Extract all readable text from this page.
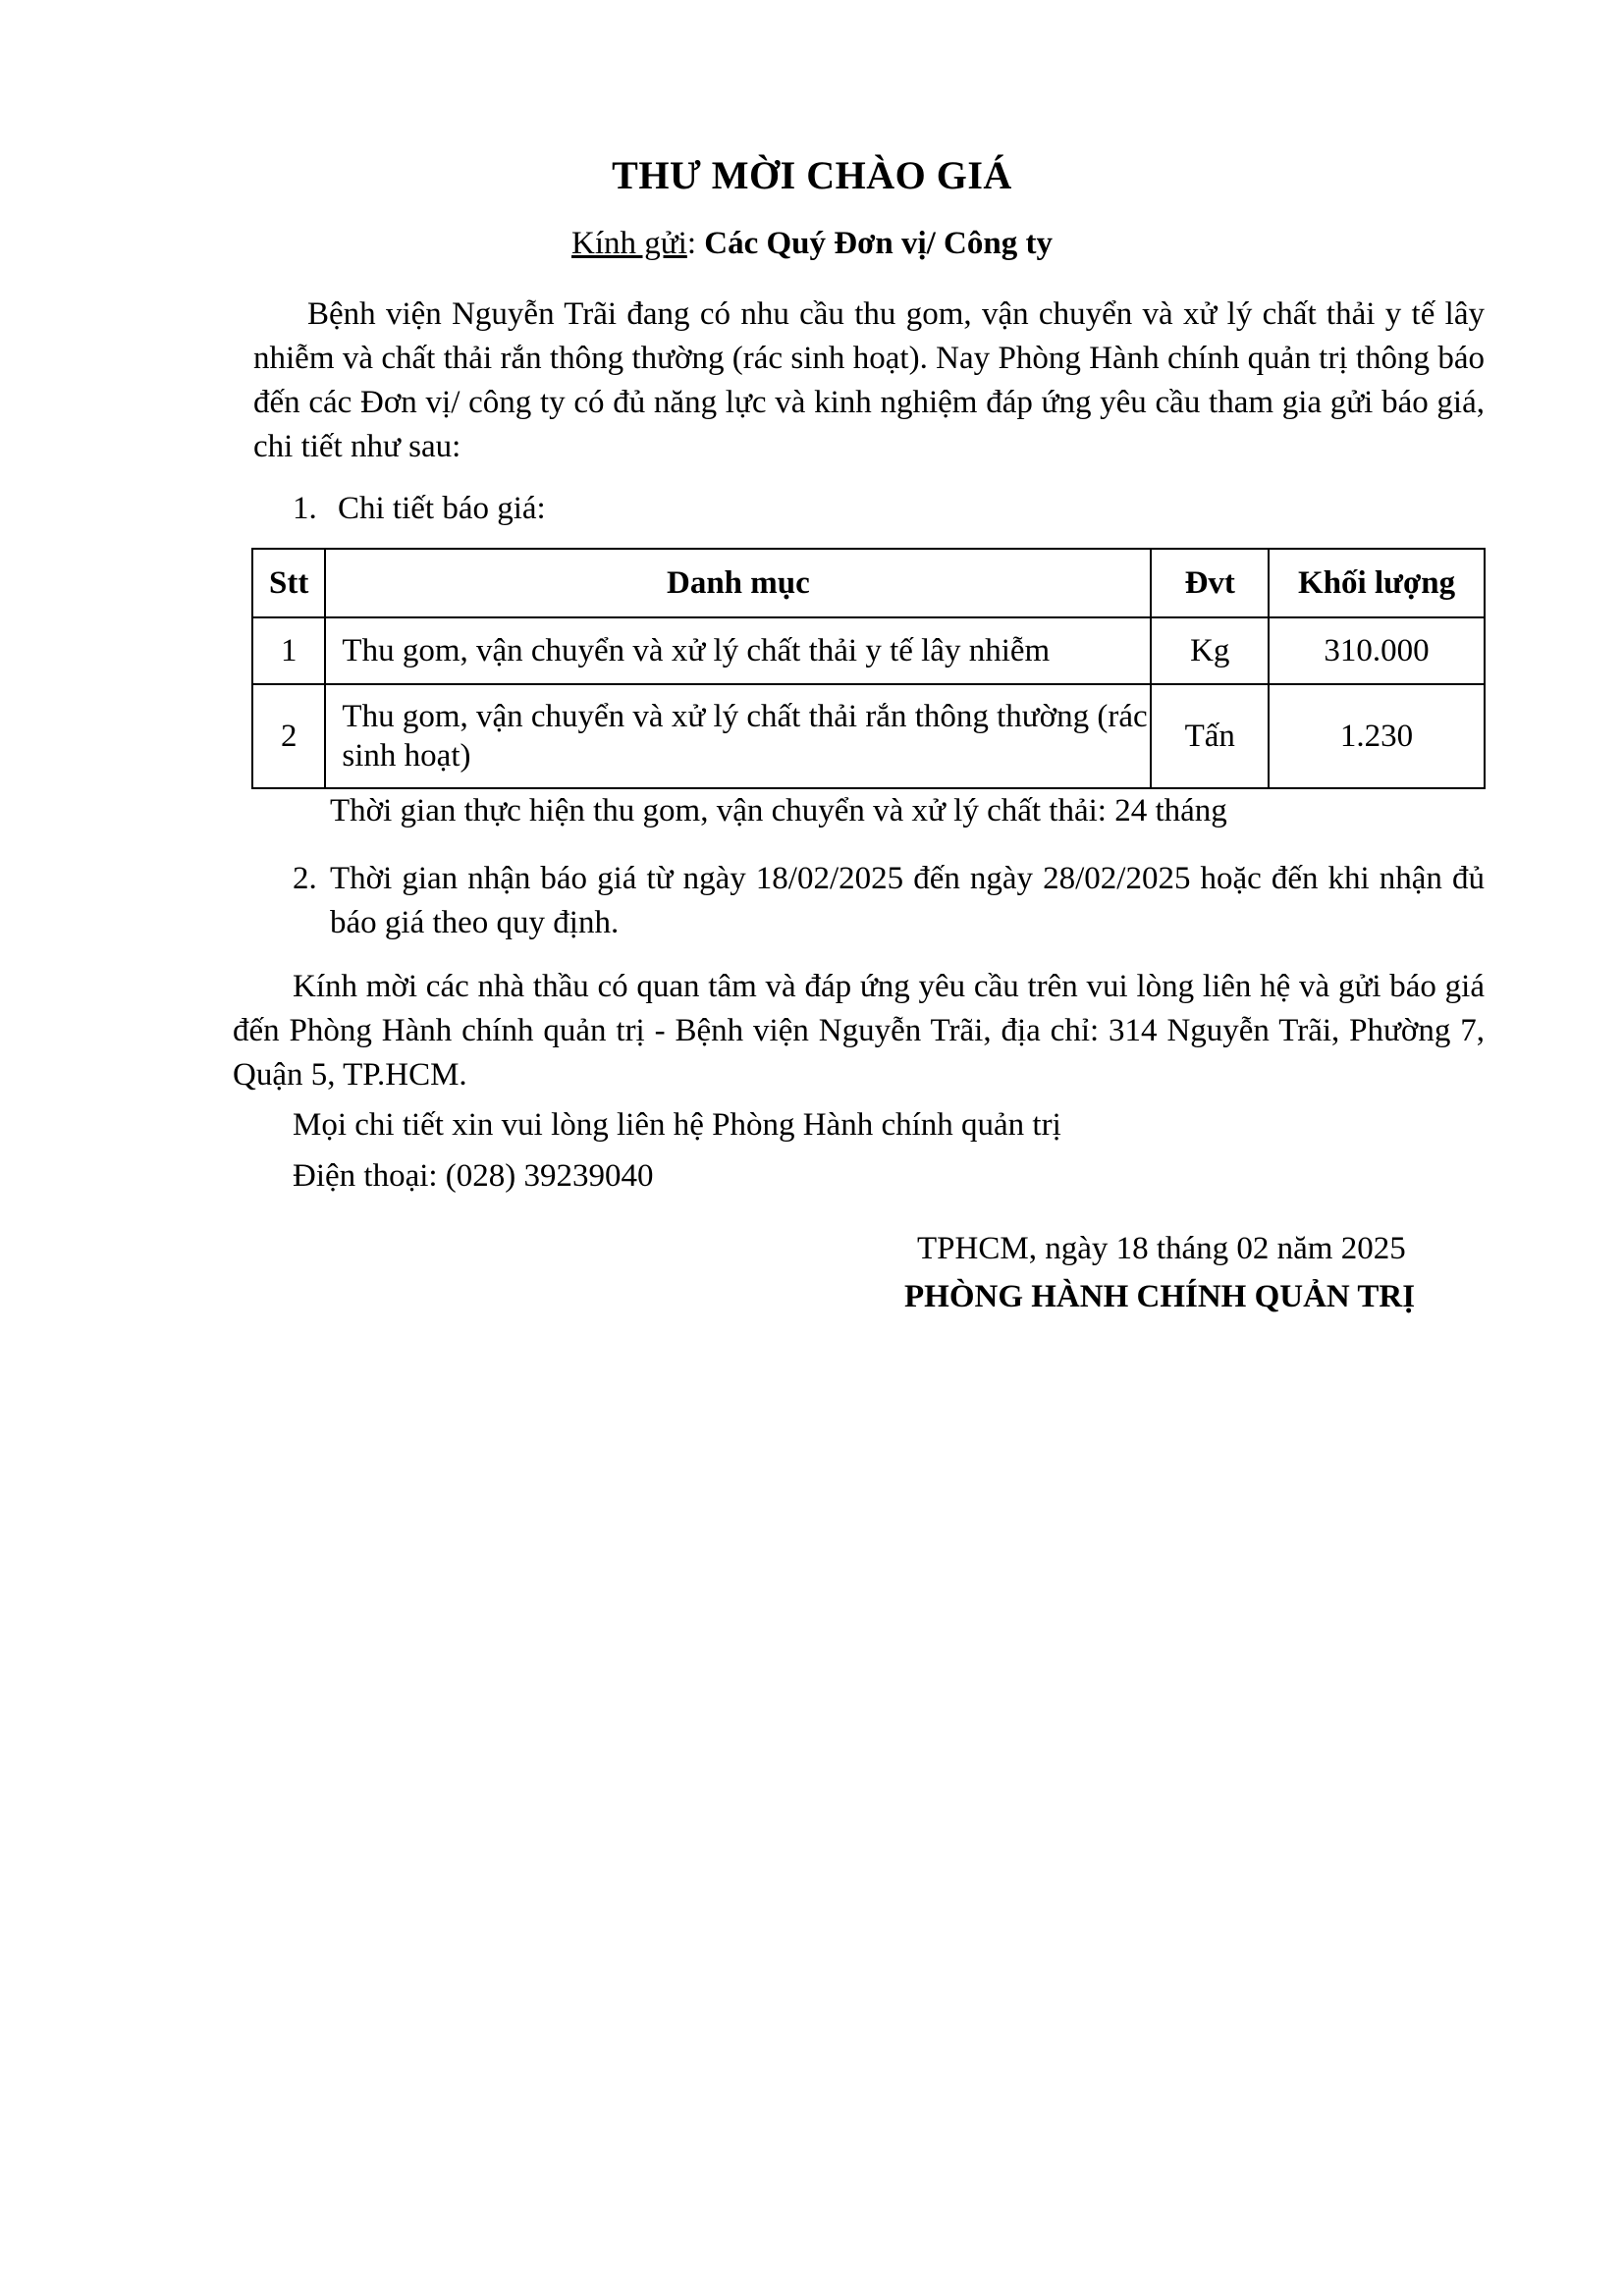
THƯ MỜI CHÀO GIÁ
Kính gửi: Các Quý Đơn vị/ Công ty
Bệnh viện Nguyễn Trãi đang có nhu cầu thu gom, vận chuyển và xử lý chất thải y tế lây nhiễm và chất thải rắn thông thường (rác sinh hoạt). Nay Phòng Hành chính quản trị thông báo đến các Đơn vị/ công ty có đủ năng lực và kinh nghiệm đáp ứng yêu cầu tham gia gửi báo giá, chi tiết như sau:
1. Chi tiết báo giá:
Stt	Danh mục	Đvt	Khối lượng
1	Thu gom, vận chuyển và xử lý chất thải y tế lây nhiễm	Kg	310.000
2	Thu gom, vận chuyển và xử lý chất thải rắn thông thường (rác sinh hoạt)	Tấn	1.230
Thời gian thực hiện thu gom, vận chuyển và xử lý chất thải: 24 tháng
2. Thời gian nhận báo giá từ ngày 18/02/2025 đến ngày 28/02/2025 hoặc đến khi nhận đủ báo giá theo quy định.
Kính mời các nhà thầu có quan tâm và đáp ứng yêu cầu trên vui lòng liên hệ và gửi báo giá đến Phòng Hành chính quản trị - Bệnh viện Nguyễn Trãi, địa chỉ: 314 Nguyễn Trãi, Phường 7, Quận 5, TP.HCM.
Mọi chi tiết xin vui lòng liên hệ Phòng Hành chính quản trị
Điện thoại: (028) 39239040
TPHCM, ngày 18 tháng 02 năm 2025
PHÒNG HÀNH CHÍNH QUẢN TRỊ
